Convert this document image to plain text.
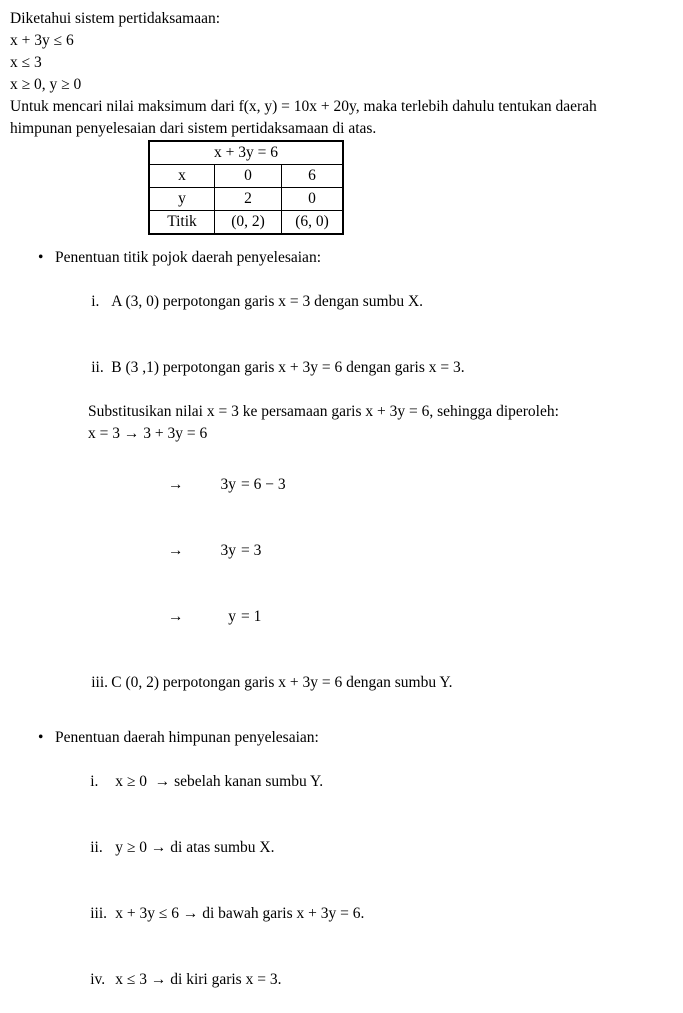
Diketahui sistem pertidaksamaan:
x + 3y ≤ 6
x ≤ 3
x ≥ 0, y ≥ 0
Untuk mencari nilai maksimum dari f(x, y) = 10x + 20y, maka terlebih dahulu tentukan daerah
himpunan penyelesaian dari sistem pertidaksamaan di atas.
x + 3y = 6		
x	0	6
y	2	0
Titik	(0, 2)	(6, 0)
• Penentuan titik pojok daerah penyelesaian:

i. A (3, 0) perpotongan garis x = 3 dengan sumbu X.

ii. B (3 ,1) perpotongan garis x + 3y = 6 dengan garis x = 3.

Substitusikan nilai x = 3 ke persamaan garis x + 3y = 6, sehingga diperoleh:
x = 3 → 3 + 3y = 6

→ 3y = 6 − 3

→ 3y = 3

→	y = 1

iii. C (0, 2) perpotongan garis x + 3y = 6 dengan sumbu Y.

• Penentuan daerah himpunan penyelesaian:

i. x ≥ 0  → sebelah kanan sumbu Y.

ii. y ≥ 0 → di atas sumbu X.

iii. x + 3y ≤ 6 → di bawah garis x + 3y = 6.

iv. x ≤ 3 → di kiri garis x = 3.
